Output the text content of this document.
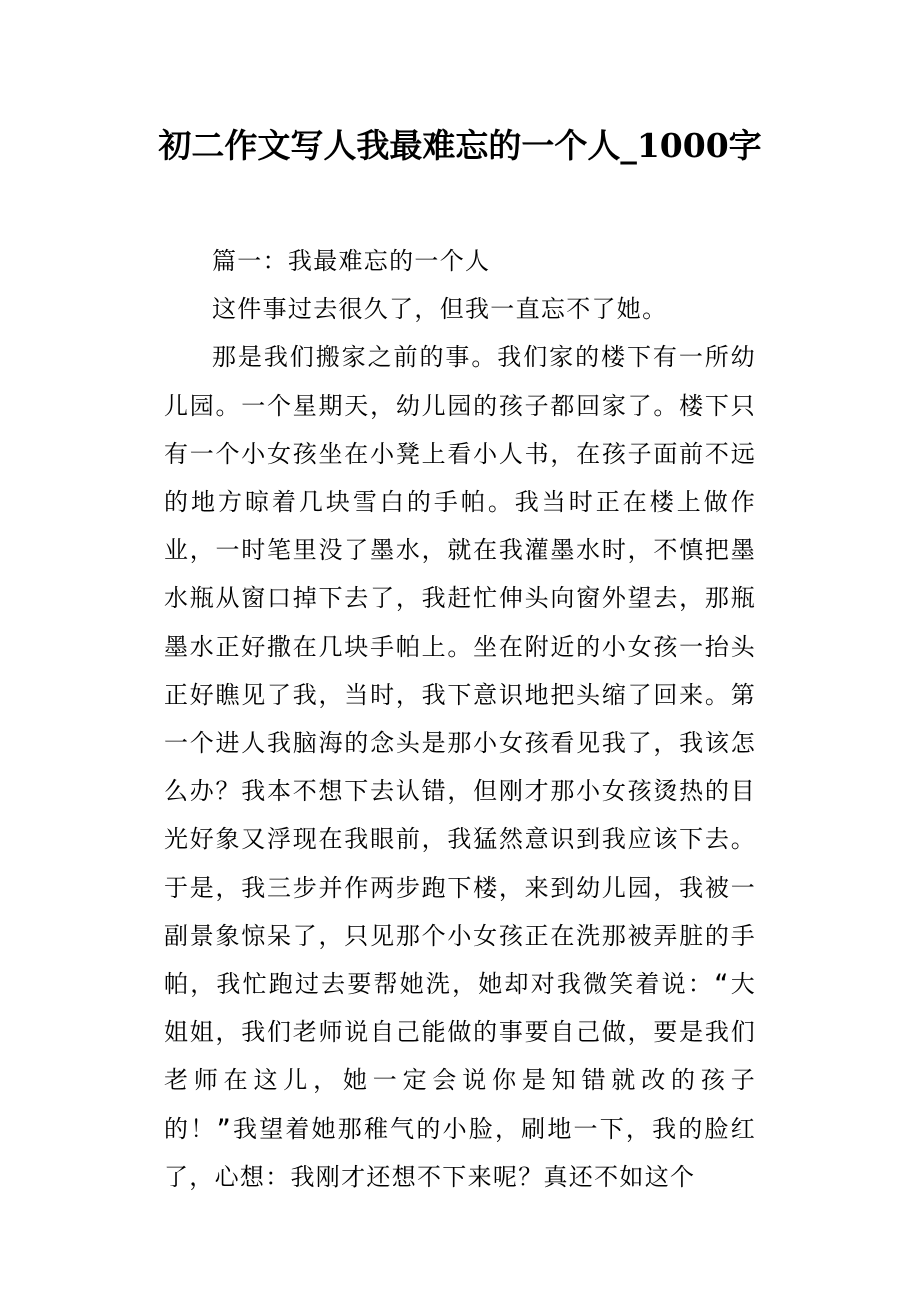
初二作文写人我最难忘的一个人_1000字

篇一：我最难忘的一个人

这件事过去很久了，但我一直忘不了她。

那是我们搬家之前的事。我们家的楼下有一所幼儿园。一个星期天，幼儿园的孩子都回家了。楼下只有一个小女孩坐在小凳上看小人书，在孩子面前不远的地方晾着几块雪白的手帕。我当时正在楼上做作业，一时笔里没了墨水，就在我灌墨水时，不慎把墨水瓶从窗口掉下去了，我赶忙伸头向窗外望去，那瓶墨水正好撒在几块手帕上。坐在附近的小女孩一抬头正好瞧见了我，当时，我下意识地把头缩了回来。第一个进人我脑海的念头是那小女孩看见我了，我该怎么办？我本不想下去认错，但刚才那小女孩烫热的目光好象又浮现在我眼前，我猛然意识到我应该下去。于是，我三步并作两步跑下楼，来到幼儿园，我被一副景象惊呆了，只见那个小女孩正在洗那被弄脏的手帕，我忙跑过去要帮她洗，她却对我微笑着说：“大姐姐，我们老师说自己能做的事要自己做，要是我们老师在这儿，她一定会说你是知错就改的孩子的！”我望着她那稚气的小脸，刷地一下，我的脸红了，心想：我刚才还想不下来呢？真还不如这个
